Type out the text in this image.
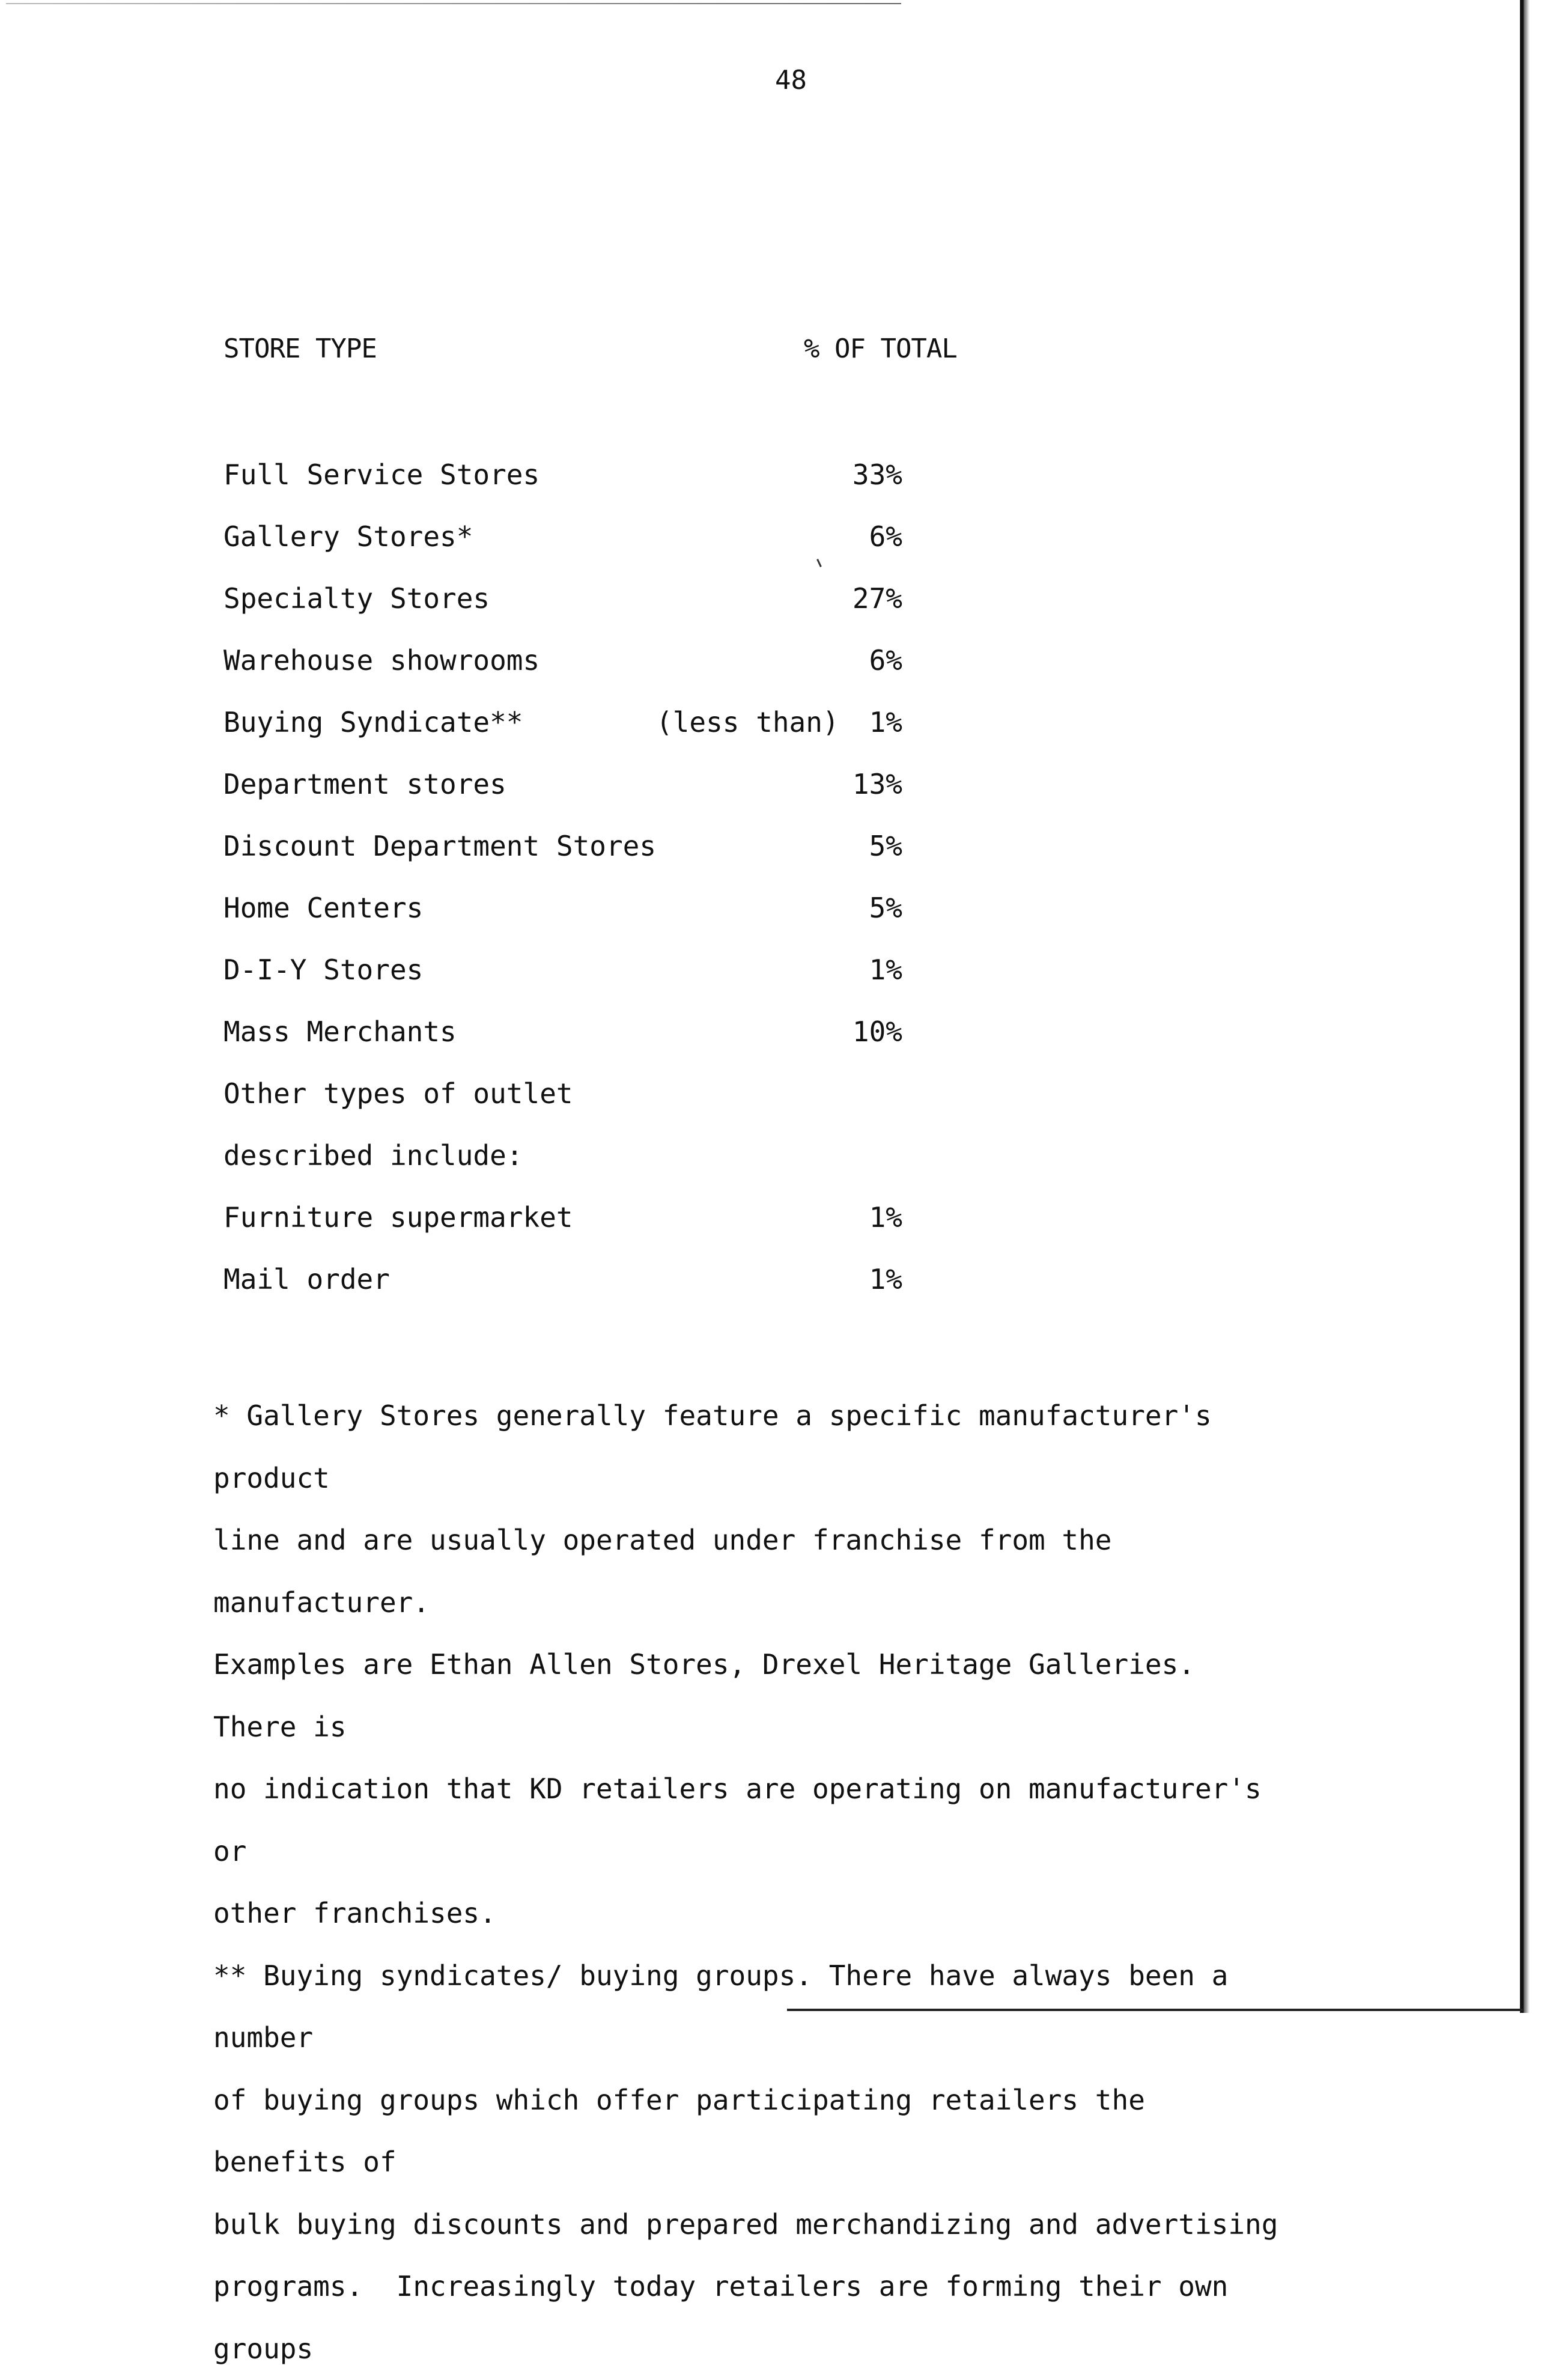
48
STORE TYPE	% OF TOTAL
Full Service Stores	33%
Gallery Stores*	6%
Specialty Stores	27%
Warehouse showrooms	6%
Buying Syndicate**	(less than)	1%
Department stores	13%
Discount Department Stores	5%
Home Centers	5%
D-I-Y Stores	1%
Mass Merchants	10%
Other types of outlet
described include:
Furniture supermarket	1%
Mail order	1%

* Gallery Stores generally feature a specific manufacturer's product
line and are usually operated under franchise from the manufacturer.
Examples are Ethan Allen Stores, Drexel Heritage Galleries. There is
no indication that KD retailers are operating on manufacturer's or
other franchises.

** Buying syndicates/ buying groups. There have always been a number
of buying groups which offer participating retailers the benefits of
bulk buying discounts and prepared merchandizing and advertising
programs.  Increasingly today retailers are forming their own groups
